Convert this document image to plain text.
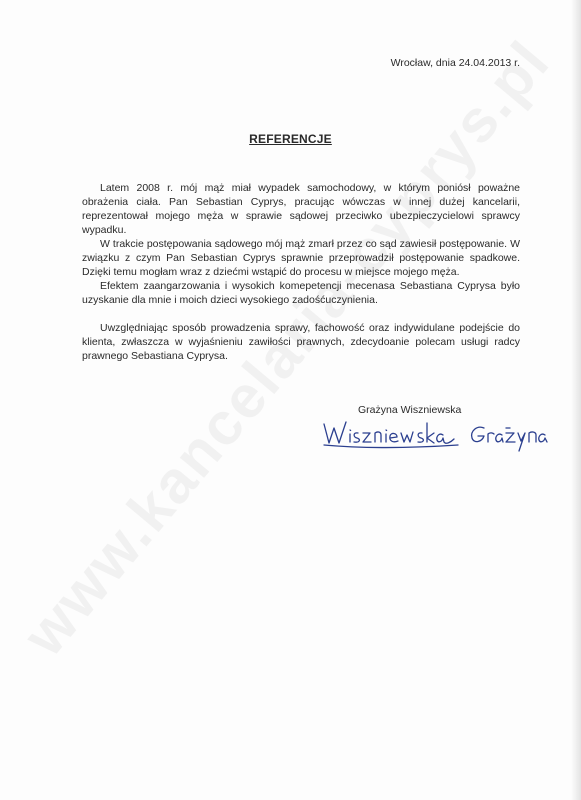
Wrocław, dnia 24.04.2013 r.
REFERENCJE

Latem 2008 r. mój mąż miał wypadek samochodowy, w którym poniósł poważne obrażenia ciała. Pan Sebastian Cyprys, pracując wówczas w innej dużej kancelarii, reprezentował mojego męża w sprawie sądowej przeciwko ubezpieczycielowi sprawcy wypadku.

W trakcie postępowania sądowego mój mąż zmarł przez co sąd zawiesił postępowanie. W związku z czym Pan Sebastian Cyprys sprawnie przeprowadził postępowanie spadkowe. Dzięki temu mogłam wraz z dziećmi wstąpić do procesu w miejsce mojego męża.

Efektem zaangarzowania i wysokich komepetencji mecenasa Sebastiana Cyprysa było uzyskanie dla mnie i moich dzieci wysokiego zadośćuczynienia.

Uwzględniając sposób prowadzenia sprawy, fachowość oraz indywidulane podejście do klienta, zwłaszcza w wyjaśnieniu zawiłości prawnych, zdecydoanie polecam usługi radcy prawnego Sebastiana Cyprysa.

Grażyna Wiszniewska
